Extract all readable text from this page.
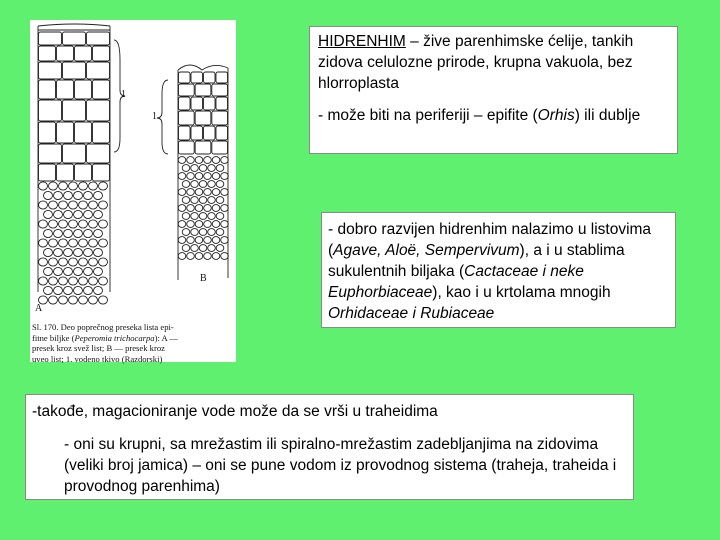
1
1
A
B
Sl. 170. Deo poprečnog preseka lista epi-
fitne biljke (Peperomia trichocarpa): A —
presek kroz svež list; B — presek kroz
uveo list; 1. vodeno tkivo (Razdorski)

HIDRENHIM – žive parenhimske ćelije, tankih zidova celulozne prirode, krupna vakuola, bez hlorroplasta

- može biti na periferiji – epifite (Orhis) ili dublje

- dobro razvijen hidrenhim nalazimo u listovima (Agave, Aloë, Sempervivum), a i u stablima sukulentnih biljaka (Cactaceae i neke Euphorbiaceae), kao i u krtolama mnogih Orhidaceae i Rubiaceae

-takođe, magacioniranje vode može da se vrši u traheidima

- oni su krupni, sa mrežastim ili spiralno-mrežastim zadebljanjima na zidovima (veliki broj jamica) – oni se pune vodom iz provodnog sistema (traheja, traheida i provodnog parenhima)
